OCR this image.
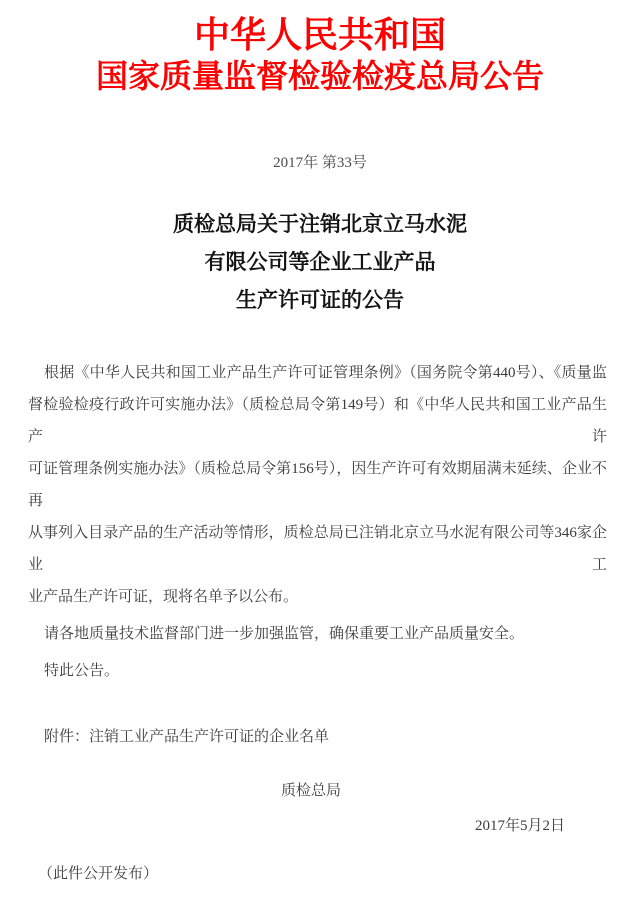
中华人民共和国
国家质量监督检验检疫总局公告
2017年 第33号
质检总局关于注销北京立马水泥
有限公司等企业工业产品
生产许可证的公告

根据《中华人民共和国工业产品生产许可证管理条例》（国务院令第440号）、《质量监

督检验检疫行政许可实施办法》（质检总局令第149号）和《中华人民共和国工业产品生产许

可证管理条例实施办法》（质检总局令第156号），因生产许可有效期届满未延续、企业不再

从事列入目录产品的生产活动等情形，质检总局已注销北京立马水泥有限公司等346家企业工

业产品生产许可证，现将名单予以公布。

请各地质量技术监督部门进一步加强监管，确保重要工业产品质量安全。

特此公告。

附件：注销工业产品生产许可证的企业名单

质检总局
2017年5月2日
（此件公开发布）
